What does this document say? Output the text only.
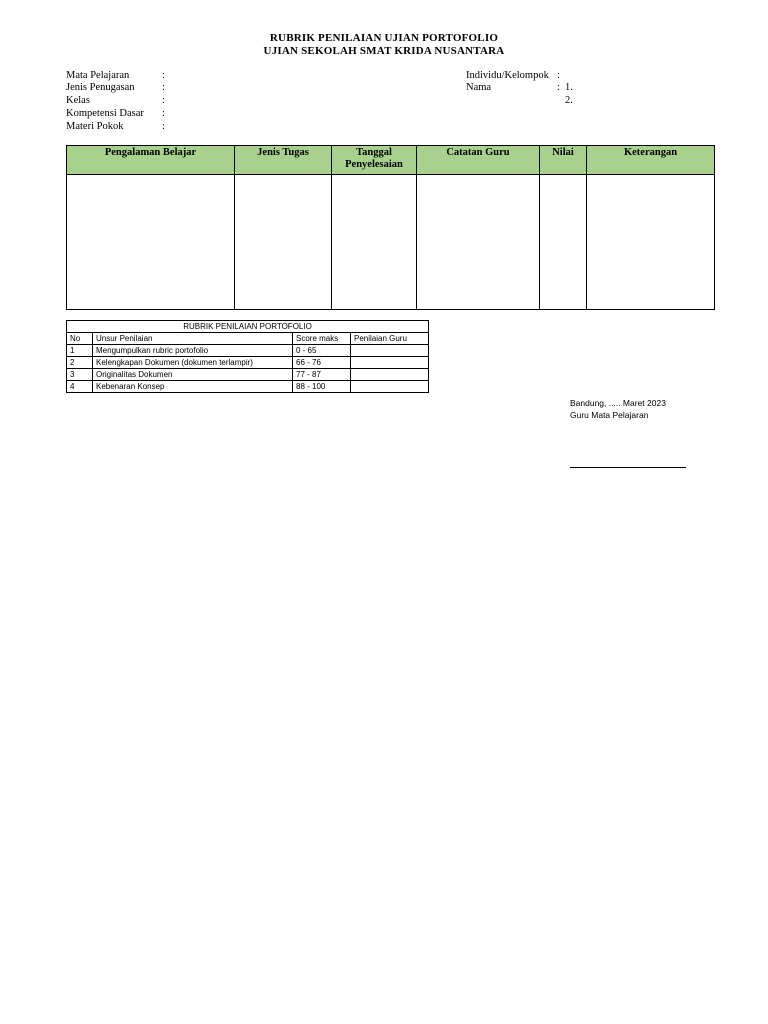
RUBRIK PENILAIAN UJIAN PORTOFOLIO
UJIAN SEKOLAH SMAT KRIDA NUSANTARA
Mata Pelajaran	:
Jenis Penugasan	:
Kelas	:
Kompetensi Dasar :
Materi Pokok	:
Individu/Kelompok :
Nama	: 1.
2.
Pengalaman Belajar	Jenis Tugas	Tanggal Penyelesaian	Catatan Guru	Nilai	Keterangan

RUBRIK PENILAIAN PORTOFOLIO			
No	Unsur Penilaian	Score maks	Penilaian Guru
1	Mengumpulkan rubric portofolio	0 - 65	
2	Kelengkapan Dokumen (dokumen terlampir)	66 - 76	
3	Originalitas Dokumen	77 - 87	
4	Kebenaran Konsep	88 - 100	
Bandung, ..... Maret 2023
Guru Mata Pelajaran
